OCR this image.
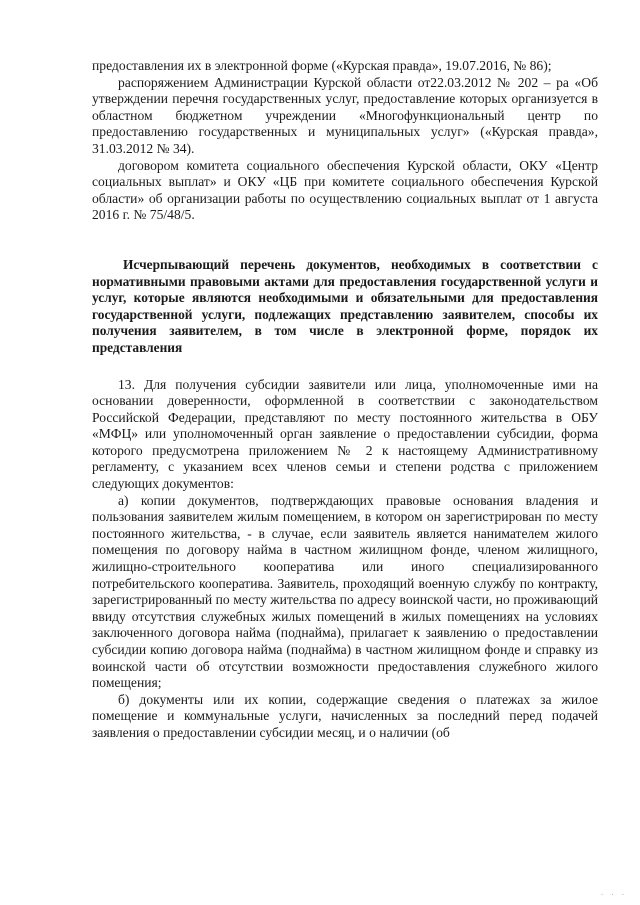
предоставления их в электронной форме («Курская правда», 19.07.2016, № 86);

распоряжением Администрации Курской области от22.03.2012 № 202 – ра «Об утверждении перечня государственных услуг, предоставление которых организуется в областном бюджетном учреждении «Многофункциональный центр по предоставлению государственных и муниципальных услуг» («Курская правда», 31.03.2012 № 34).

договором комитета социального обеспечения Курской области, ОКУ «Центр социальных выплат» и ОКУ «ЦБ при комитете социального обеспечения Курской области» об организации работы по осуществлению социальных выплат от 1 августа 2016 г. № 75/48/5.

Исчерпывающий перечень документов, необходимых в соответствии с нормативными правовыми актами для предоставления государственной услуги и услуг, которые являются необходимыми и обязательными для предоставления государственной услуги, подлежащих представлению заявителем, способы их получения заявителем, в том числе в электронной форме, порядок их представления

13. Для получения субсидии заявители или лица, уполномоченные ими на основании доверенности, оформленной в соответствии с законодательством Российской Федерации, представляют по месту постоянного жительства в ОБУ «МФЦ» или уполномоченный орган заявление о предоставлении субсидии, форма которого предусмотрена приложением № 2 к настоящему Административному регламенту, с указанием всех членов семьи и степени родства с приложением следующих документов:

а) копии документов, подтверждающих правовые основания владения и пользования заявителем жилым помещением, в котором он зарегистрирован по месту постоянного жительства, - в случае, если заявитель является нанимателем жилого помещения по договору найма в частном жилищном фонде, членом жилищного, жилищно-строительного кооператива или иного специализированного потребительского кооператива. Заявитель, проходящий военную службу по контракту, зарегистрированный по месту жительства по адресу воинской части, но проживающий ввиду отсутствия служебных жилых помещений в жилых помещениях на условиях заключенного договора найма (поднайма), прилагает к заявлению о предоставлении субсидии копию договора найма (поднайма) в частном жилищном фонде и справку из воинской части об отсутствии возможности предоставления служебного жилого помещения;

б) документы или их копии, содержащие сведения о платежах за жилое помещение и коммунальные услуги, начисленных за последний перед подачей заявления о предоставлении субсидии месяц, и о наличии (об

· · ·
